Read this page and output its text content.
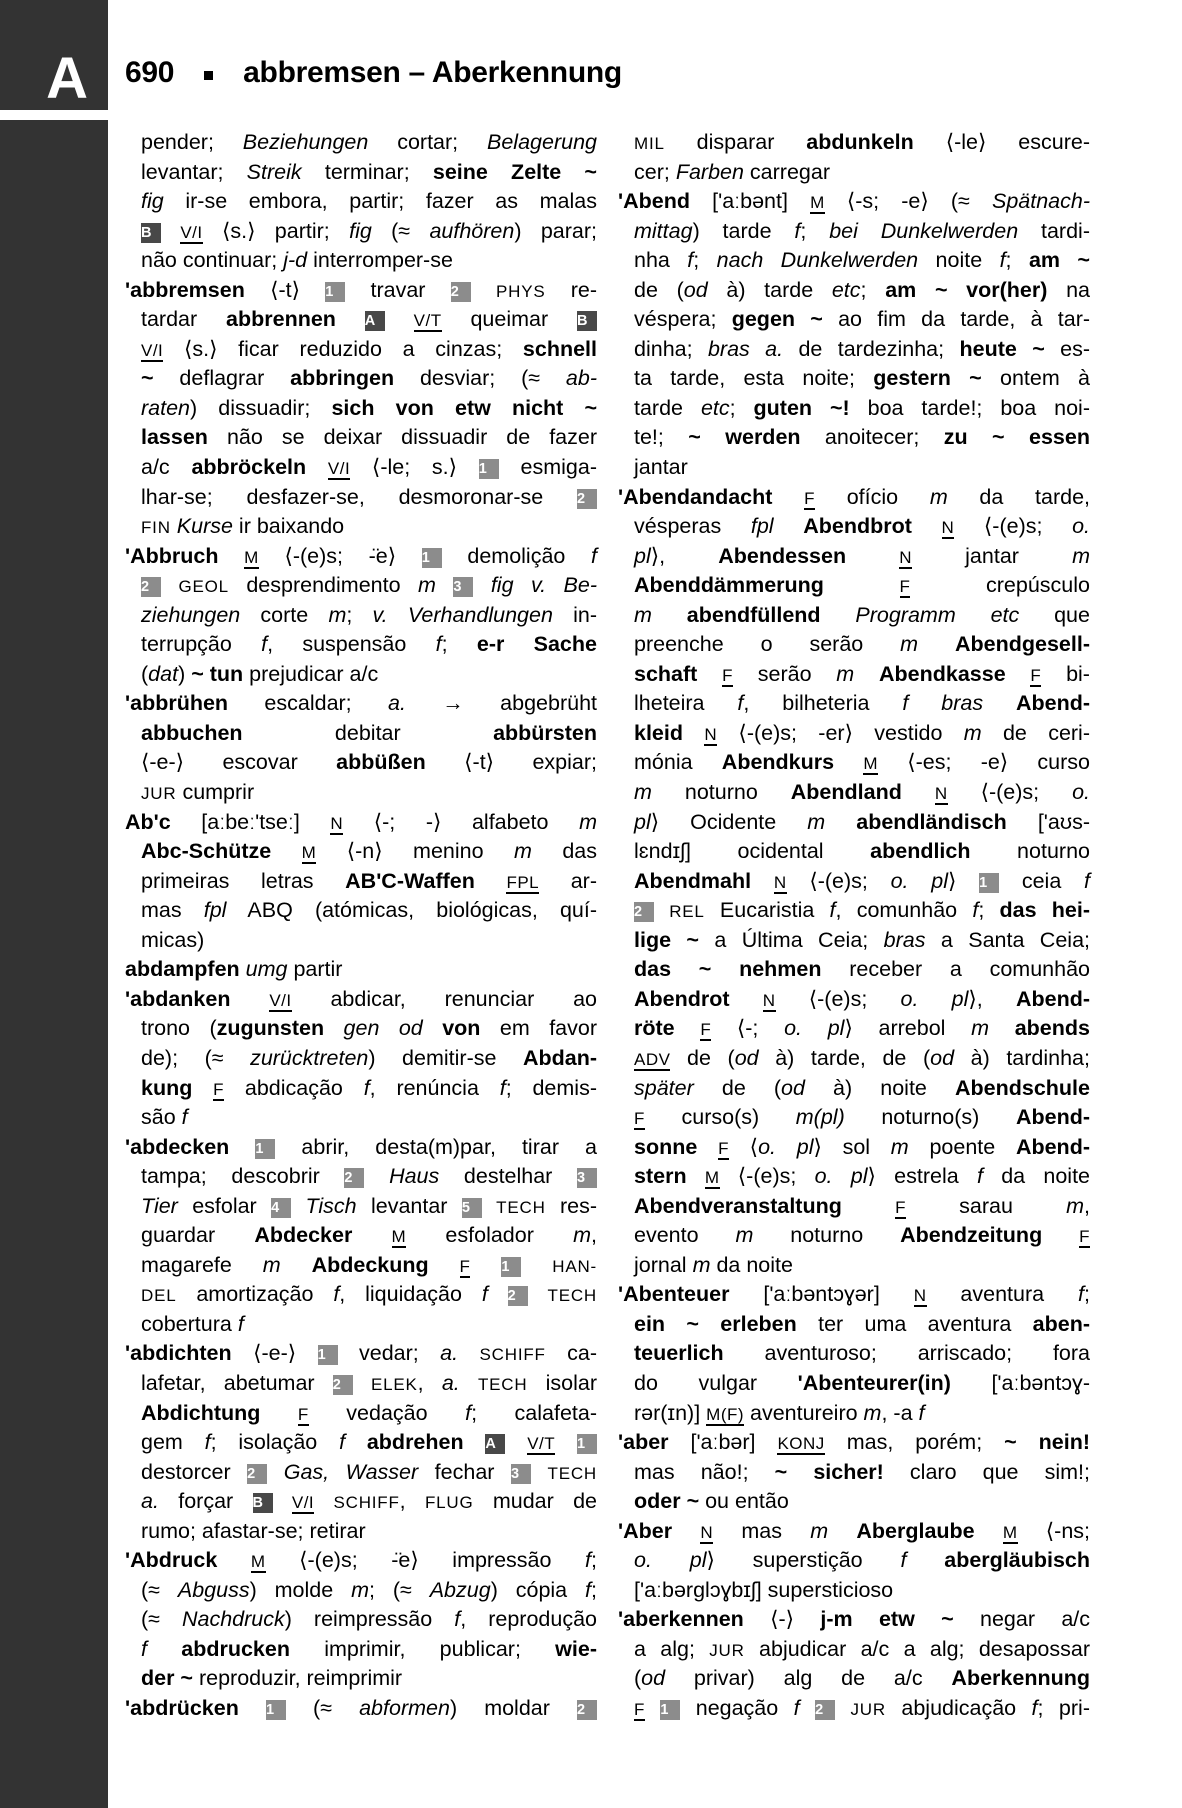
A 690 abbremsen – Aberkennung
pender; Beziehungen cortar; Belagerung
levantar; Streik terminar; seine Zelte ~
fig ir-se embora, partir; fazer as malas
B V/I ⟨s.⟩ partir; fig (≈ aufhören) parar;
não continuar; j-d interromper-se
'abbremsen ⟨-t⟩ 1 travar 2 PHYS re-
tardar abbrennen A V/T queimar B
V/I ⟨s.⟩ ficar reduzido a cinzas; schnell
~ deflagrar abbringen desviar; (≈ ab-
raten) dissuadir; sich von etw nicht ~
lassen não se deixar dissuadir de fazer
a/c abbröckeln V/I ⟨-le; s.⟩ 1 esmiga-
lhar-se; desfazer-se, desmoronar-se 2
FIN Kurse ir baixando
'Abbruch M ⟨-(e)s; -̈e⟩ 1 demolição f
2 GEOL desprendimento m 3 fig v. Be-
ziehungen corte m; v. Verhandlungen in-
terrupção f, suspensão f; e-r Sache
(dat) ~ tun prejudicar a/c
'abbrühen escaldar; a. → abgebrüht
abbuchen debitar abbürsten
⟨-e-⟩ escovar abbüßen ⟨-t⟩ expiar;
JUR cumprir
Ab'c [aːbeː'tseː] N ⟨-; -⟩ alfabeto m
Abc-Schütze M ⟨-n⟩ menino m das
primeiras letras AB'C-Waffen FPL ar-
mas fpl ABQ (atómicas, biológicas, quí-
micas)
abdampfen umg partir
'abdanken V/I abdicar, renunciar ao
trono (zugunsten gen od von em favor
de); (≈ zurücktreten) demitir-se Abdan-
kung F abdicação f, renúncia f; demis-
são f
'abdecken 1 abrir, desta(m)par, tirar a
tampa; descobrir 2 Haus destelhar 3
Tier esfolar 4 Tisch levantar 5 TECH res-
guardar Abdecker M esfolador m,
magarefe m Abdeckung F 1	HAN-
DEL amortização f, liquidação f 2 TECH
cobertura f
'abdichten ⟨-e-⟩ 1 vedar; a. SCHIFF ca-
lafetar, abetumar 2 ELEK, a. TECH isolar
Abdichtung F vedação f; calafeta-
gem f; isolação f abdrehen A V/T 1
destorcer 2 Gas, Wasser fechar 3 TECH
a. forçar B V/I SCHIFF, FLUG mudar de
rumo; afastar-se; retirar
'Abdruck M ⟨-(e)s; -̈e⟩ impressão f;
(≈ Abguss) molde m; (≈ Abzug) cópia f;
(≈ Nachdruck) reimpressão f, reprodução
f abdrucken imprimir, publicar; wie-
der ~ reproduzir, reimprimir
'abdrücken 1 (≈ abformen) moldar 2
MIL disparar abdunkeln ⟨-le⟩ escure-
cer; Farben carregar
'Abend ['aːbənt] M ⟨-s; -e⟩ (≈ Spätnach-
mittag) tarde f; bei Dunkelwerden tardi-
nha f; nach Dunkelwerden noite f; am ~
de (od à) tarde etc; am ~ vor(her) na
véspera; gegen ~ ao fim da tarde, à tar-
dinha; bras a. de tardezinha; heute ~ es-
ta tarde, esta noite; gestern ~ ontem à
tarde etc; guten ~! boa tarde!; boa noi-
te!; ~ werden anoitecer; zu ~ essen
jantar
'Abendandacht F ofício m da tarde,
vésperas fpl Abendbrot N ⟨-(e)s; o.
pl⟩, Abendessen	N jantar m
Abenddämmerung	F crepúsculo
m abendfüllend Programm etc que
preenche o serão m Abendgesell-
schaft F serão m Abendkasse F bi-
lheteira f, bilheteria f bras Abend-
kleid N ⟨-(e)s; -er⟩ vestido m de ceri-
mónia Abendkurs M ⟨-es; -e⟩ curso
m noturno Abendland N ⟨-(e)s; o.
pl⟩ Ocidente m abendländisch ['aʊs-
lɛndɪʃ] ocidental abendlich noturno
Abendmahl N ⟨-(e)s; o. pl⟩ 1 ceia f
2 REL Eucaristia f, comunhão f; das hei-
lige ~ a Última Ceia; bras a Santa Ceia;
das ~ nehmen receber a comunhão
Abendrot N ⟨-(e)s; o. pl⟩, Abend-
röte F ⟨-; o. pl⟩ arrebol m abends
ADV de (od à) tarde, de (od à) tardinha;
später de (od à) noite Abendschule
F curso(s) m(pl) noturno(s) Abend-
sonne F ⟨o. pl⟩ sol m poente Abend-
stern M ⟨-(e)s; o. pl⟩ estrela f da noite
Abendveranstaltung	F sarau m,
evento m noturno Abendzeitung F
jornal m da noite
'Abenteuer ['aːbəntɔɣər] N aventura f;
ein ~ erleben ter uma aventura aben-
teuerlich aventuroso; arriscado; fora
do vulgar 'Abenteurer(in) ['aːbəntɔɣ-
rər(ɪn)] M(F) aventureiro m, -a f
'aber ['aːbər] KONJ mas, porém; ~ nein!
mas não!; ~ sicher! claro que sim!;
oder ~ ou então
'Aber N mas m Aberglaube M ⟨-ns;
o. pl⟩ superstição f abergläubisch
['aːbərglɔɣbɪʃ] supersticioso
'aberkennen ⟨-⟩ j-m etw ~ negar a/c
a alg; JUR abjudicar a/c a alg; desapossar
(od privar) alg de a/c Aberkennung
F 1 negação f 2 JUR abjudicação f; pri-
